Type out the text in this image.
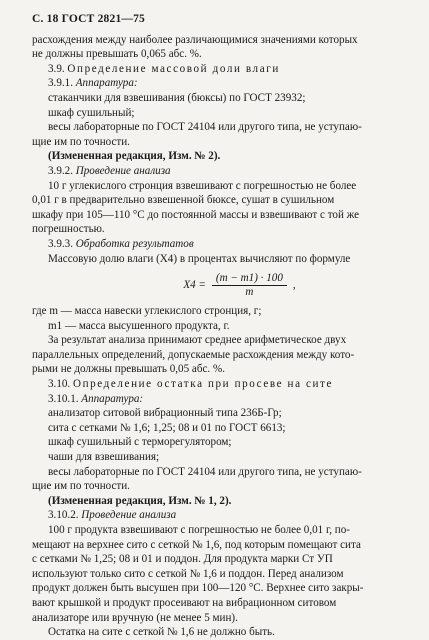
С. 18 ГОСТ 2821—75

расхождения между наиболее различающимися значениями которых

не должны превышать 0,065 абс. %.

3.9. Определение массовой доли влаги

3.9.1. Аппаратура:

стаканчики для взвешивания (бюксы) по ГОСТ 23932;

шкаф сушильный;

весы лабораторные по ГОСТ 24104 или другого типа, не уступаю-

щие им по точности.

(Измененная редакция, Изм. № 2).

3.9.2. Проведение анализа

10 г углекислого стронция взвешивают с погрешностью не более

0,01 г в предварительно взвешенной бюксе, сушат в сушильном

шкафу при 105—110 °С до постоянной массы и взвешивают с той же

погрешностью.

3.9.3. Обработка результатов

Массовую долю влаги (X4) в процентах вычисляют по формуле

$X4 = \frac{(m - m1) \cdot 100}{m}$ ,

где m — масса навески углекислого стронция, г;

m1 — масса высушенного продукта, г.

За результат анализа принимают среднее арифметическое двух

параллельных определений, допускаемые расхождения между кото-

рыми не должны превышать 0,05 абс. %.

3.10. Определение остатка при просеве на сите

3.10.1. Аппаратура:

анализатор ситовой вибрационный типа 236Б-Гр;

сита с сетками № 1,6; 1,25; 08 и 01 по ГОСТ 6613;

шкаф сушильный с терморегулятором;

чаши для взвешивания;

весы лабораторные по ГОСТ 24104 или другого типа, не уступаю-

щие им по точности.

(Измененная редакция, Изм. № 1, 2).

3.10.2. Проведение анализа

100 г продукта взвешивают с погрешностью не более 0,01 г, по-

мещают на верхнее сито с сеткой № 1,6, под которым помещают сита

с сетками № 1,25; 08 и 01 и поддон. Для продукта марки Ст УП

используют только сито с сеткой № 1,6 и поддон. Перед анализом

продукт должен быть высушен при 100—120 °С. Верхнее сито закры-

вают крышкой и продукт просеивают на вибрационном ситовом

анализаторе или вручную (не менее 5 мин).

Остатка на сите с сеткой № 1,6 не должно быть.
